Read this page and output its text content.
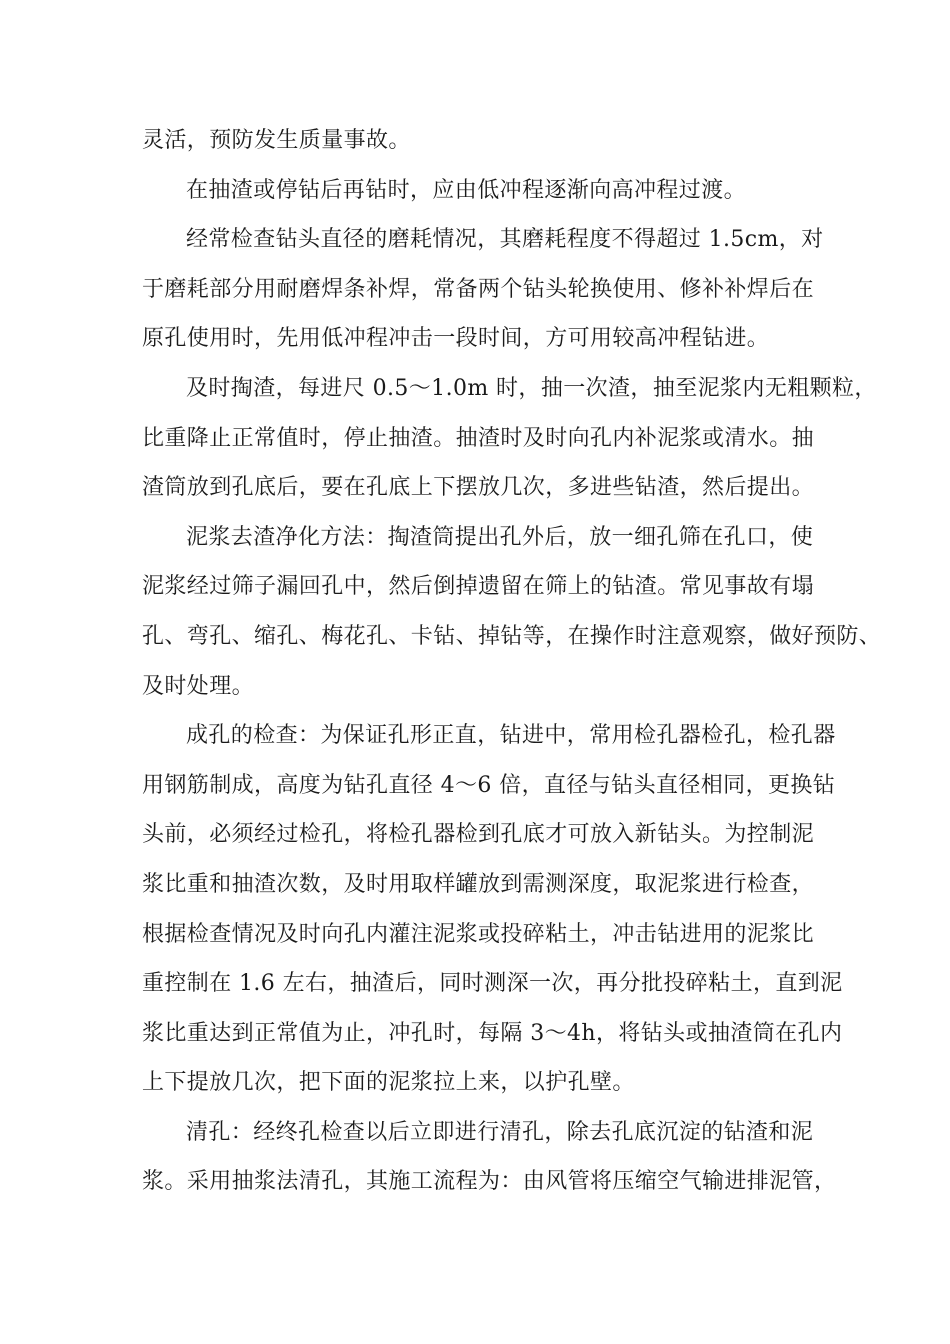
灵活，预防发生质量事故。

在抽渣或停钻后再钻时，应由低冲程逐渐向高冲程过渡。

经常检查钻头直径的磨耗情况，其磨耗程度不得超过 1.5cm，对
于磨耗部分用耐磨焊条补焊，常备两个钻头轮换使用、修补补焊后在
原孔使用时，先用低冲程冲击一段时间，方可用较高冲程钻进。

及时掏渣，每进尺 0.5～1.0m 时，抽一次渣，抽至泥浆内无粗颗粒，
比重降止正常值时，停止抽渣。抽渣时及时向孔内补泥浆或清水。抽
渣筒放到孔底后，要在孔底上下摆放几次，多进些钻渣，然后提出。

泥浆去渣净化方法：掏渣筒提出孔外后，放一细孔筛在孔口，使
泥浆经过筛子漏回孔中，然后倒掉遗留在筛上的钻渣。常见事故有塌
孔、弯孔、缩孔、梅花孔、卡钻、掉钻等，在操作时注意观察，做好预防、
及时处理。

成孔的检查：为保证孔形正直，钻进中，常用检孔器检孔，检孔器
用钢筋制成，高度为钻孔直径 4～6 倍，直径与钻头直径相同，更换钻
头前，必须经过检孔，将检孔器检到孔底才可放入新钻头。为控制泥
浆比重和抽渣次数，及时用取样罐放到需测深度，取泥浆进行检查，
根据检查情况及时向孔内灌注泥浆或投碎粘土，冲击钻进用的泥浆比
重控制在 1.6 左右，抽渣后，同时测深一次，再分批投碎粘土，直到泥
浆比重达到正常值为止，冲孔时，每隔 3～4h，将钻头或抽渣筒在孔内
上下提放几次，把下面的泥浆拉上来，以护孔壁。

清孔：经终孔检查以后立即进行清孔，除去孔底沉淀的钻渣和泥
浆。采用抽浆法清孔，其施工流程为：由风管将压缩空气输进排泥管，
